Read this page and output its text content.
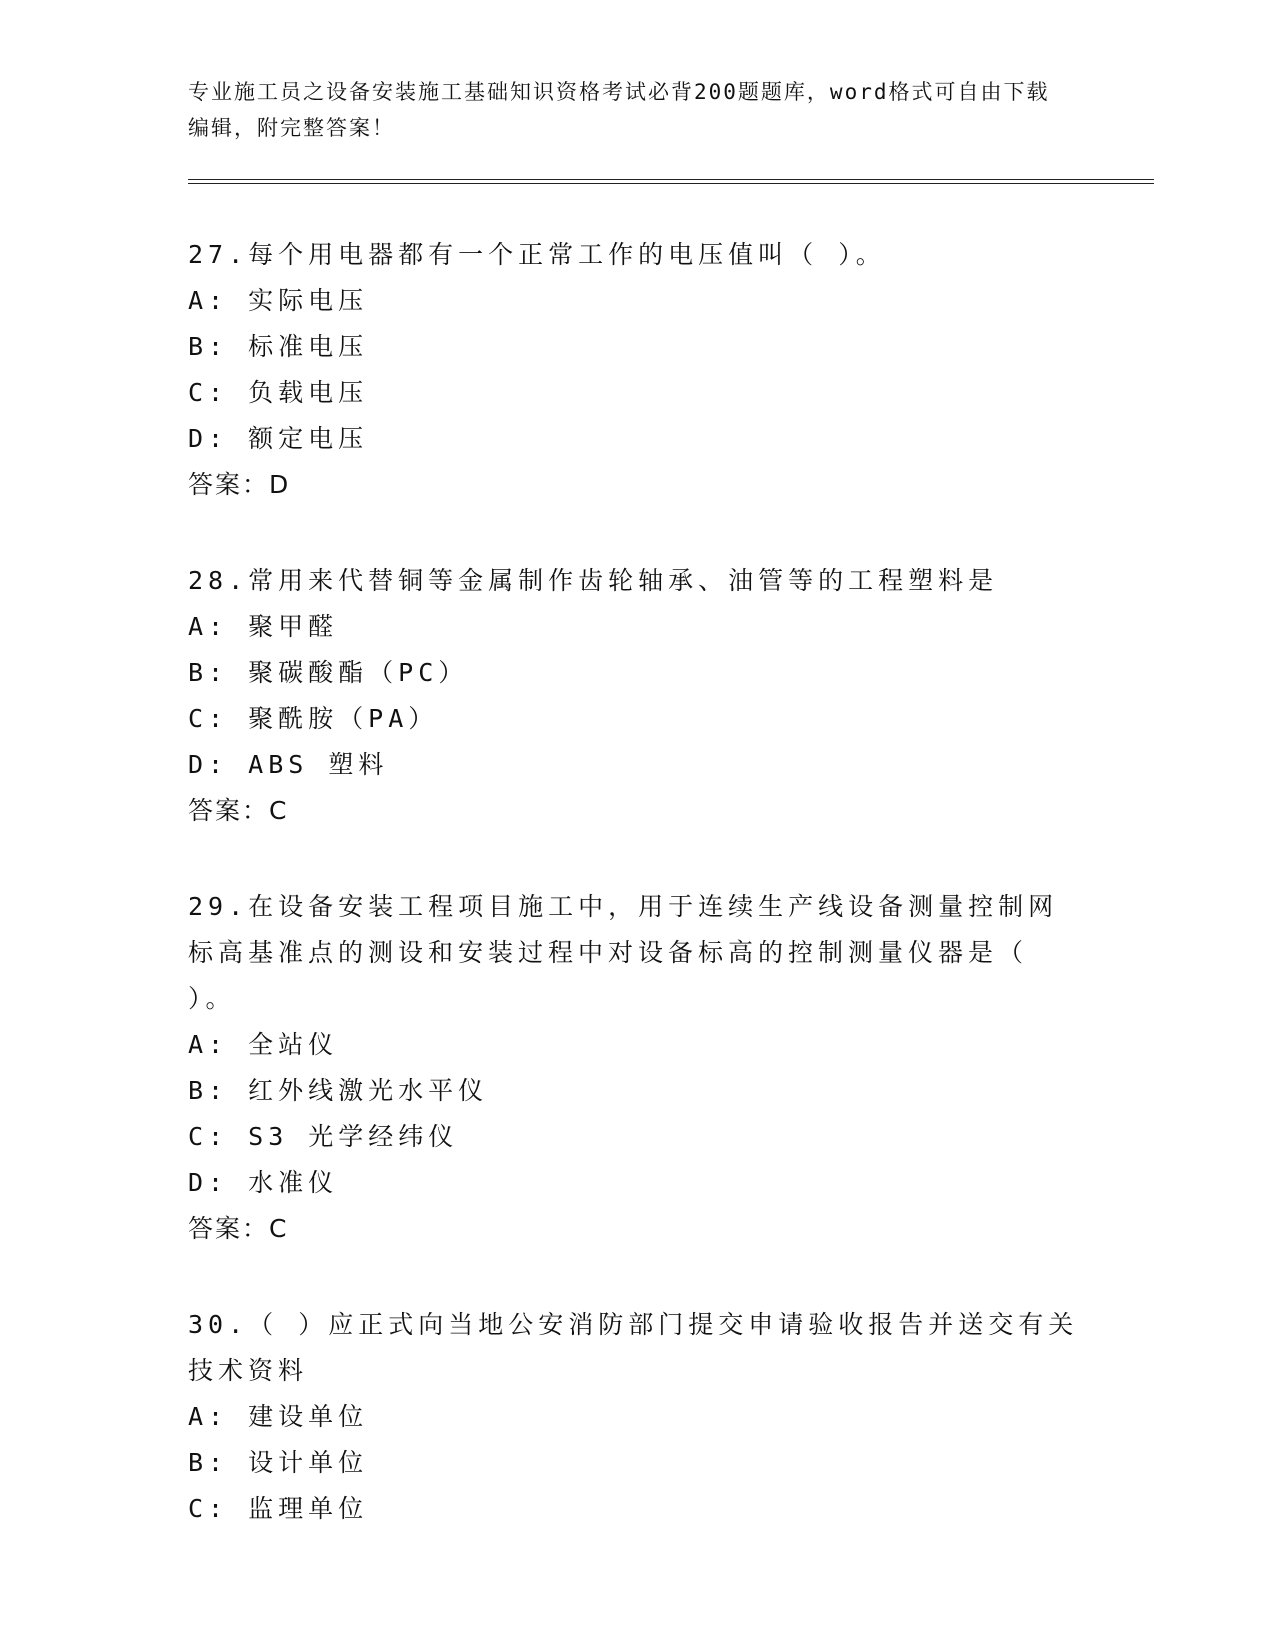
专业施工员之设备安装施工基础知识资格考试必背200题题库，word格式可自由下载编辑，附完整答案！

27.每个用电器都有一个正常工作的电压值叫（ ）。

A: 实际电压

B: 标准电压

C: 负载电压

D: 额定电压

答案：D

28.常用来代替铜等金属制作齿轮轴承、油管等的工程塑料是

A: 聚甲醛

B: 聚碳酸酯（PC）

C: 聚酰胺（PA）

D: ABS 塑料

答案：C

29.在设备安装工程项目施工中，用于连续生产线设备测量控制网标高基准点的测设和安装过程中对设备标高的控制测量仪器是（ ）。

A: 全站仪

B: 红外线激光水平仪

C: S3 光学经纬仪

D: 水准仪

答案：C

30.（ ）应正式向当地公安消防部门提交申请验收报告并送交有关技术资料

A: 建设单位

B: 设计单位

C: 监理单位
